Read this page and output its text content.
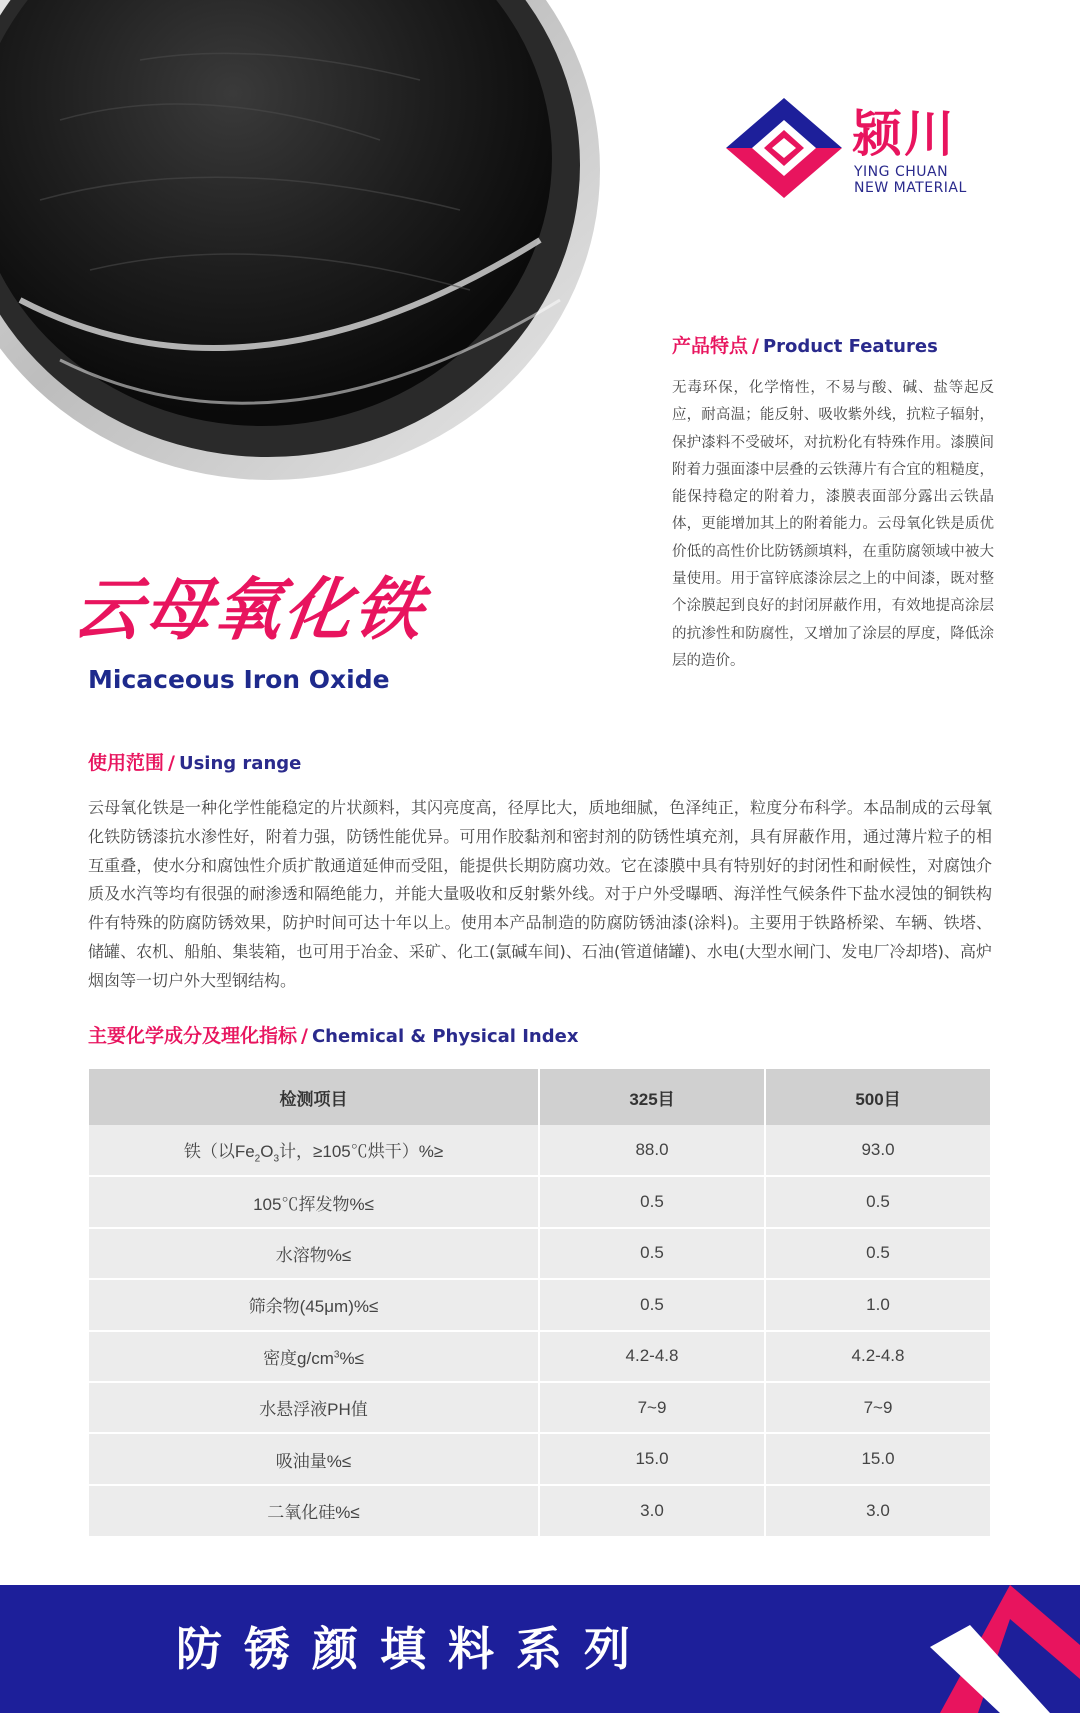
颍川
YING CHUAN
NEW MATERIAL
产品特点 / Product Features
无毒环保，化学惰性，不易与酸、碱、盐等起反应，耐高温；能反射、吸收紫外线，抗粒子辐射，保护漆料不受破坏，对抗粉化有特殊作用。漆膜间附着力强面漆中层叠的云铁薄片有合宜的粗糙度，能保持稳定的附着力，漆膜表面部分露出云铁晶体，更能增加其上的附着能力。云母氧化铁是质优价低的高性价比防锈颜填料，在重防腐领域中被大量使用。用于富锌底漆涂层之上的中间漆，既对整个涂膜起到良好的封闭屏蔽作用，有效地提高涂层的抗渗性和防腐性，又增加了涂层的厚度，降低涂层的造价。
云母氧化铁
Micaceous Iron Oxide
使用范围 / Using range
云母氧化铁是一种化学性能稳定的片状颜料，其闪亮度高，径厚比大，质地细腻，色泽纯正，粒度分布科学。本品制成的云母氧化铁防锈漆抗水渗性好，附着力强，防锈性能优异。可用作胶黏剂和密封剂的防锈性填充剂，具有屏蔽作用，通过薄片粒子的相互重叠，使水分和腐蚀性介质扩散通道延伸而受阻，能提供长期防腐功效。它在漆膜中具有特别好的封闭性和耐候性，对腐蚀介质及水汽等均有很强的耐渗透和隔绝能力，并能大量吸收和反射紫外线。对于户外受曝晒、海洋性气候条件下盐水浸蚀的铜铁构件有特殊的防腐防锈效果，防护时间可达十年以上。使用本产品制造的防腐防锈油漆(涂料)。主要用于铁路桥梁、车辆、铁塔、储罐、农机、船舶、集装箱，也可用于冶金、采矿、化工(氯碱车间)、石油(管道储罐)、水电(大型水闸门、发电厂冷却塔)、高炉烟囱等一切户外大型钢结构。
主要化学成分及理化指标 / Chemical & Physical Index
检测项目	325目	500目
铁（以$Fe_2O_3$计，≥105℃烘干）%≥	88.0	93.0
105℃挥发物%≤	0.5	0.5
水溶物%≤	0.5	0.5
筛余物(45μm)%≤	0.5	1.0
密度$g/cm^3\%\le$	4.2-4.8	4.2-4.8
水悬浮液PH值	7~9	7~9
吸油量%≤	15.0	15.0
二氧化硅%≤	3.0	3.0
防锈颜填料系列
